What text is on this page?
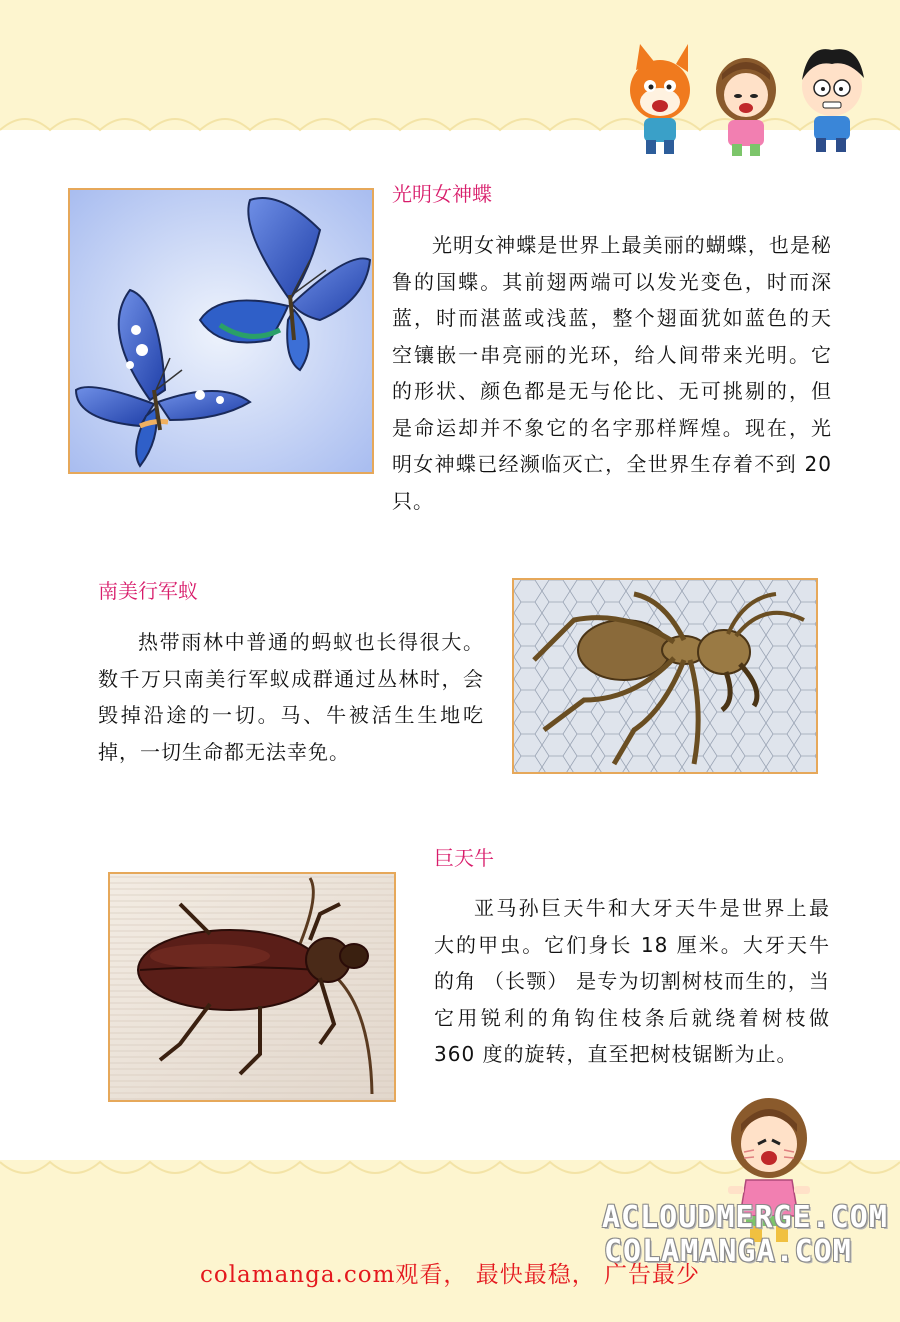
光明女神蝶

光明女神蝶是世界上最美丽的蝴蝶，也是秘鲁的国蝶。其前翅两端可以发光变色，时而深蓝，时而湛蓝或浅蓝，整个翅面犹如蓝色的天空镶嵌一串亮丽的光环，给人间带来光明。它的形状、颜色都是无与伦比、无可挑剔的，但是命运却并不象它的名字那样辉煌。现在，光明女神蝶已经濒临灭亡，全世界生存着不到 20 只。

南美行军蚁

热带雨林中普通的蚂蚁也长得很大。数千万只南美行军蚁成群通过丛林时，会毁掉沿途的一切。马、牛被活生生地吃掉，一切生命都无法幸免。

巨天牛

亚马孙巨天牛和大牙天牛是世界上最大的甲虫。它们身长 18 厘米。大牙天牛的角 （长颚） 是专为切割树枝而生的，当它用锐利的角钩住枝条后就绕着树枝做 360 度的旋转，直至把树枝锯断为止。

ACLOUDMERGE.COM
COLAMANGA.COM
colamanga.com观看， 最快最稳， 广告最少
